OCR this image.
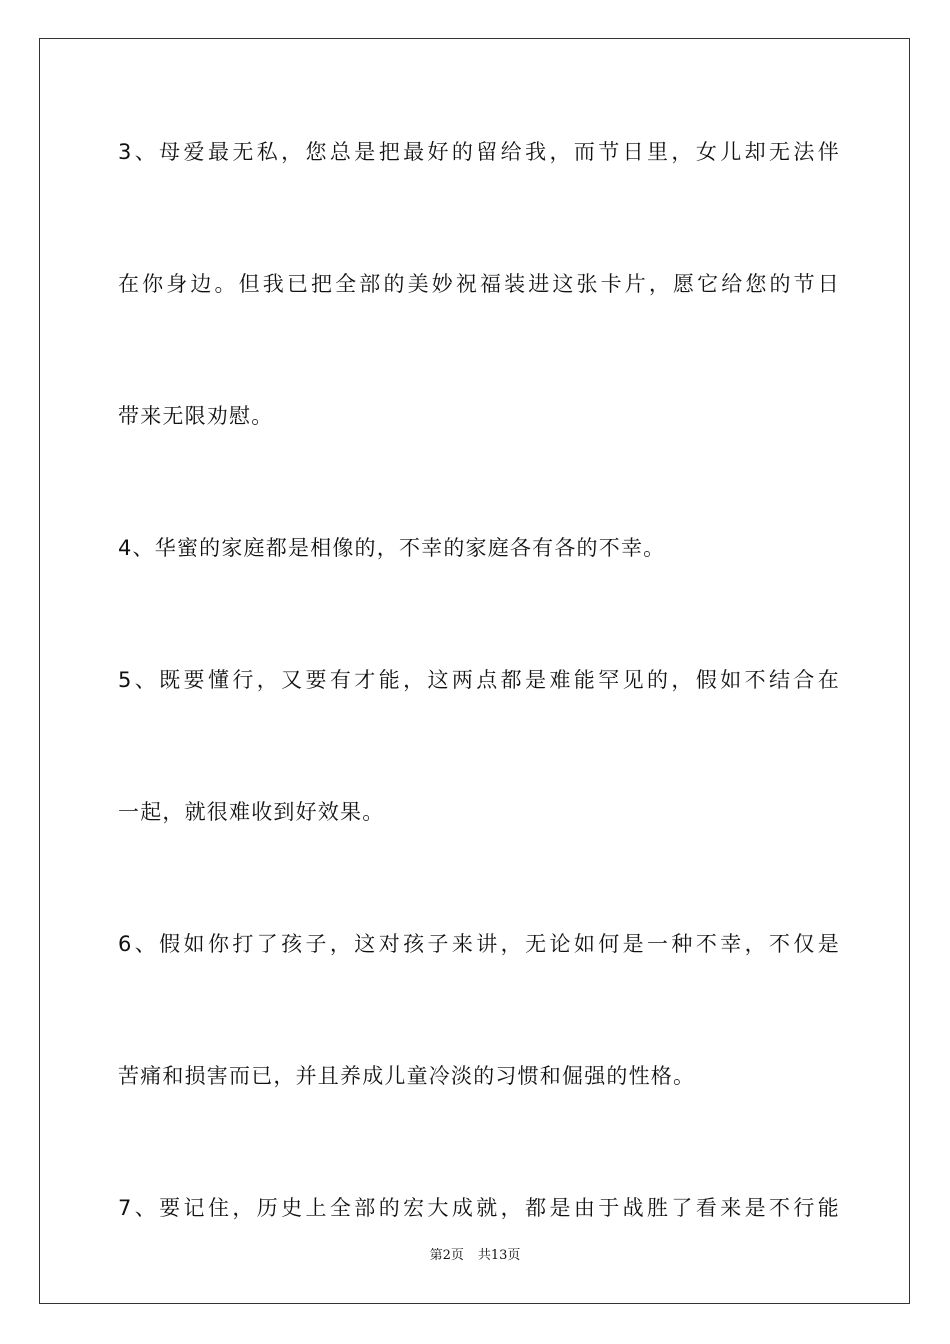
3、母爱最无私，您总是把最好的留给我，而节日里，女儿却无法伴
在你身边。但我已把全部的美妙祝福装进这张卡片，愿它给您的节日
带来无限劝慰。
4、华蜜的家庭都是相像的，不幸的家庭各有各的不幸。
5、既要懂行，又要有才能，这两点都是难能罕见的，假如不结合在
一起，就很难收到好效果。
6、假如你打了孩子，这对孩子来讲，无论如何是一种不幸，不仅是
苦痛和损害而已，并且养成儿童冷淡的习惯和倔强的性格。
7、要记住，历史上全部的宏大成就，都是由于战胜了看来是不行能
第2页 共13页
